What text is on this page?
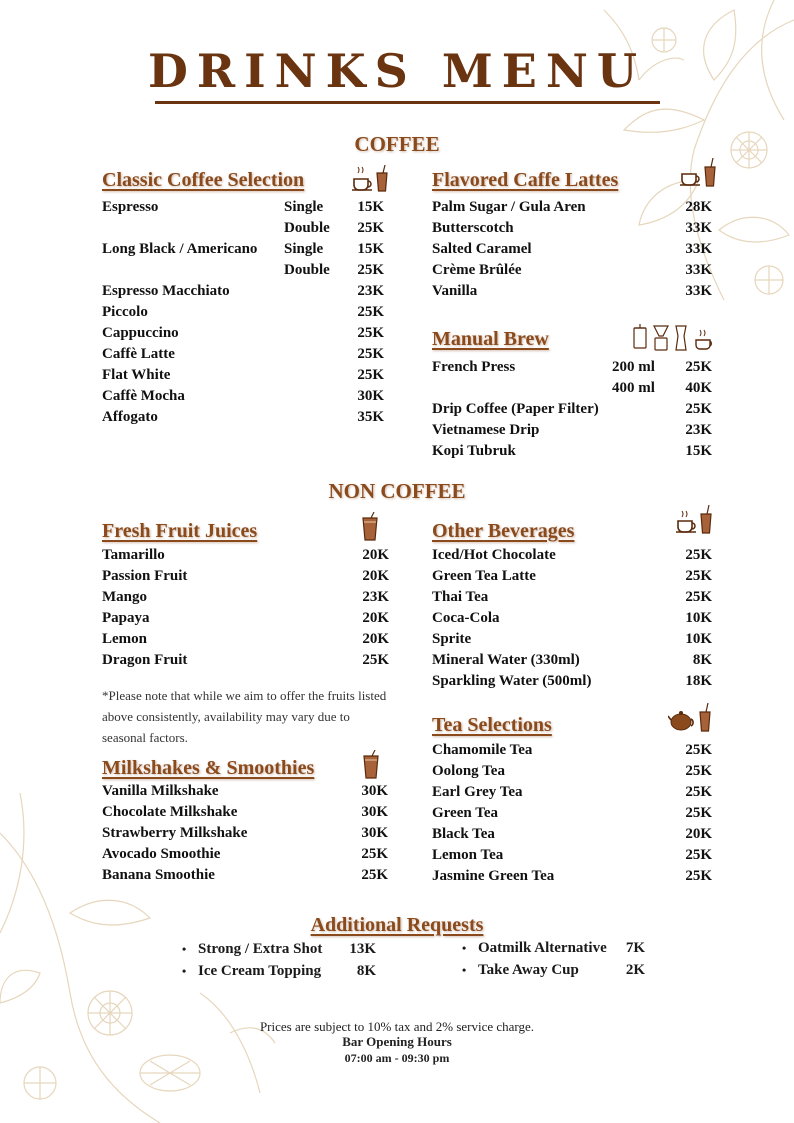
DRINKS MENU
COFFEE
Classic Coffee Selection
Espresso	Single	15K
Double	25K
Long Black / Americano	Single	15K
Double	25K
Espresso Macchiato	23K
Piccolo	25K
Cappuccino	25K
Caffè Latte	25K
Flat White	25K
Caffè Mocha	30K
Affogato	35K
Flavored Caffe Lattes
Palm Sugar / Gula Aren	28K
Butterscotch	33K
Salted Caramel	33K
Crème Brûlée	33K
Vanilla	33K
Manual Brew
French Press	200 ml	25K
400 ml	40K
Drip Coffee (Paper Filter)	25K
Vietnamese Drip	23K
Kopi Tubruk	15K
NON COFFEE
Fresh Fruit Juices
Tamarillo	20K
Passion Fruit	20K
Mango	23K
Papaya	20K
Lemon	20K
Dragon Fruit	25K

*Please note that while we aim to offer the fruits listed above consistently, availability may vary due to seasonal factors.

Milkshakes & Smoothies
Vanilla Milkshake	30K
Chocolate Milkshake	30K
Strawberry Milkshake	30K
Avocado Smoothie	25K
Banana Smoothie	25K
Other Beverages
Iced/Hot Chocolate	25K
Green Tea Latte	25K
Thai Tea	25K
Coca-Cola	10K
Sprite	10K
Mineral Water (330ml)	8K
Sparkling Water (500ml)	18K
Tea Selections
Chamomile Tea	25K
Oolong Tea	25K
Earl Grey Tea	25K
Green Tea	25K
Black Tea	20K
Lemon Tea	25K
Jasmine Green Tea	25K
Additional Requests
• Strong / Extra Shot	13K
• Ice Cream Topping	8K
• Oatmilk Alternative	7K
• Take Away Cup	2K
Prices are subject to 10% tax and 2% service charge.
Bar Opening Hours
07:00 am - 09:30 pm
